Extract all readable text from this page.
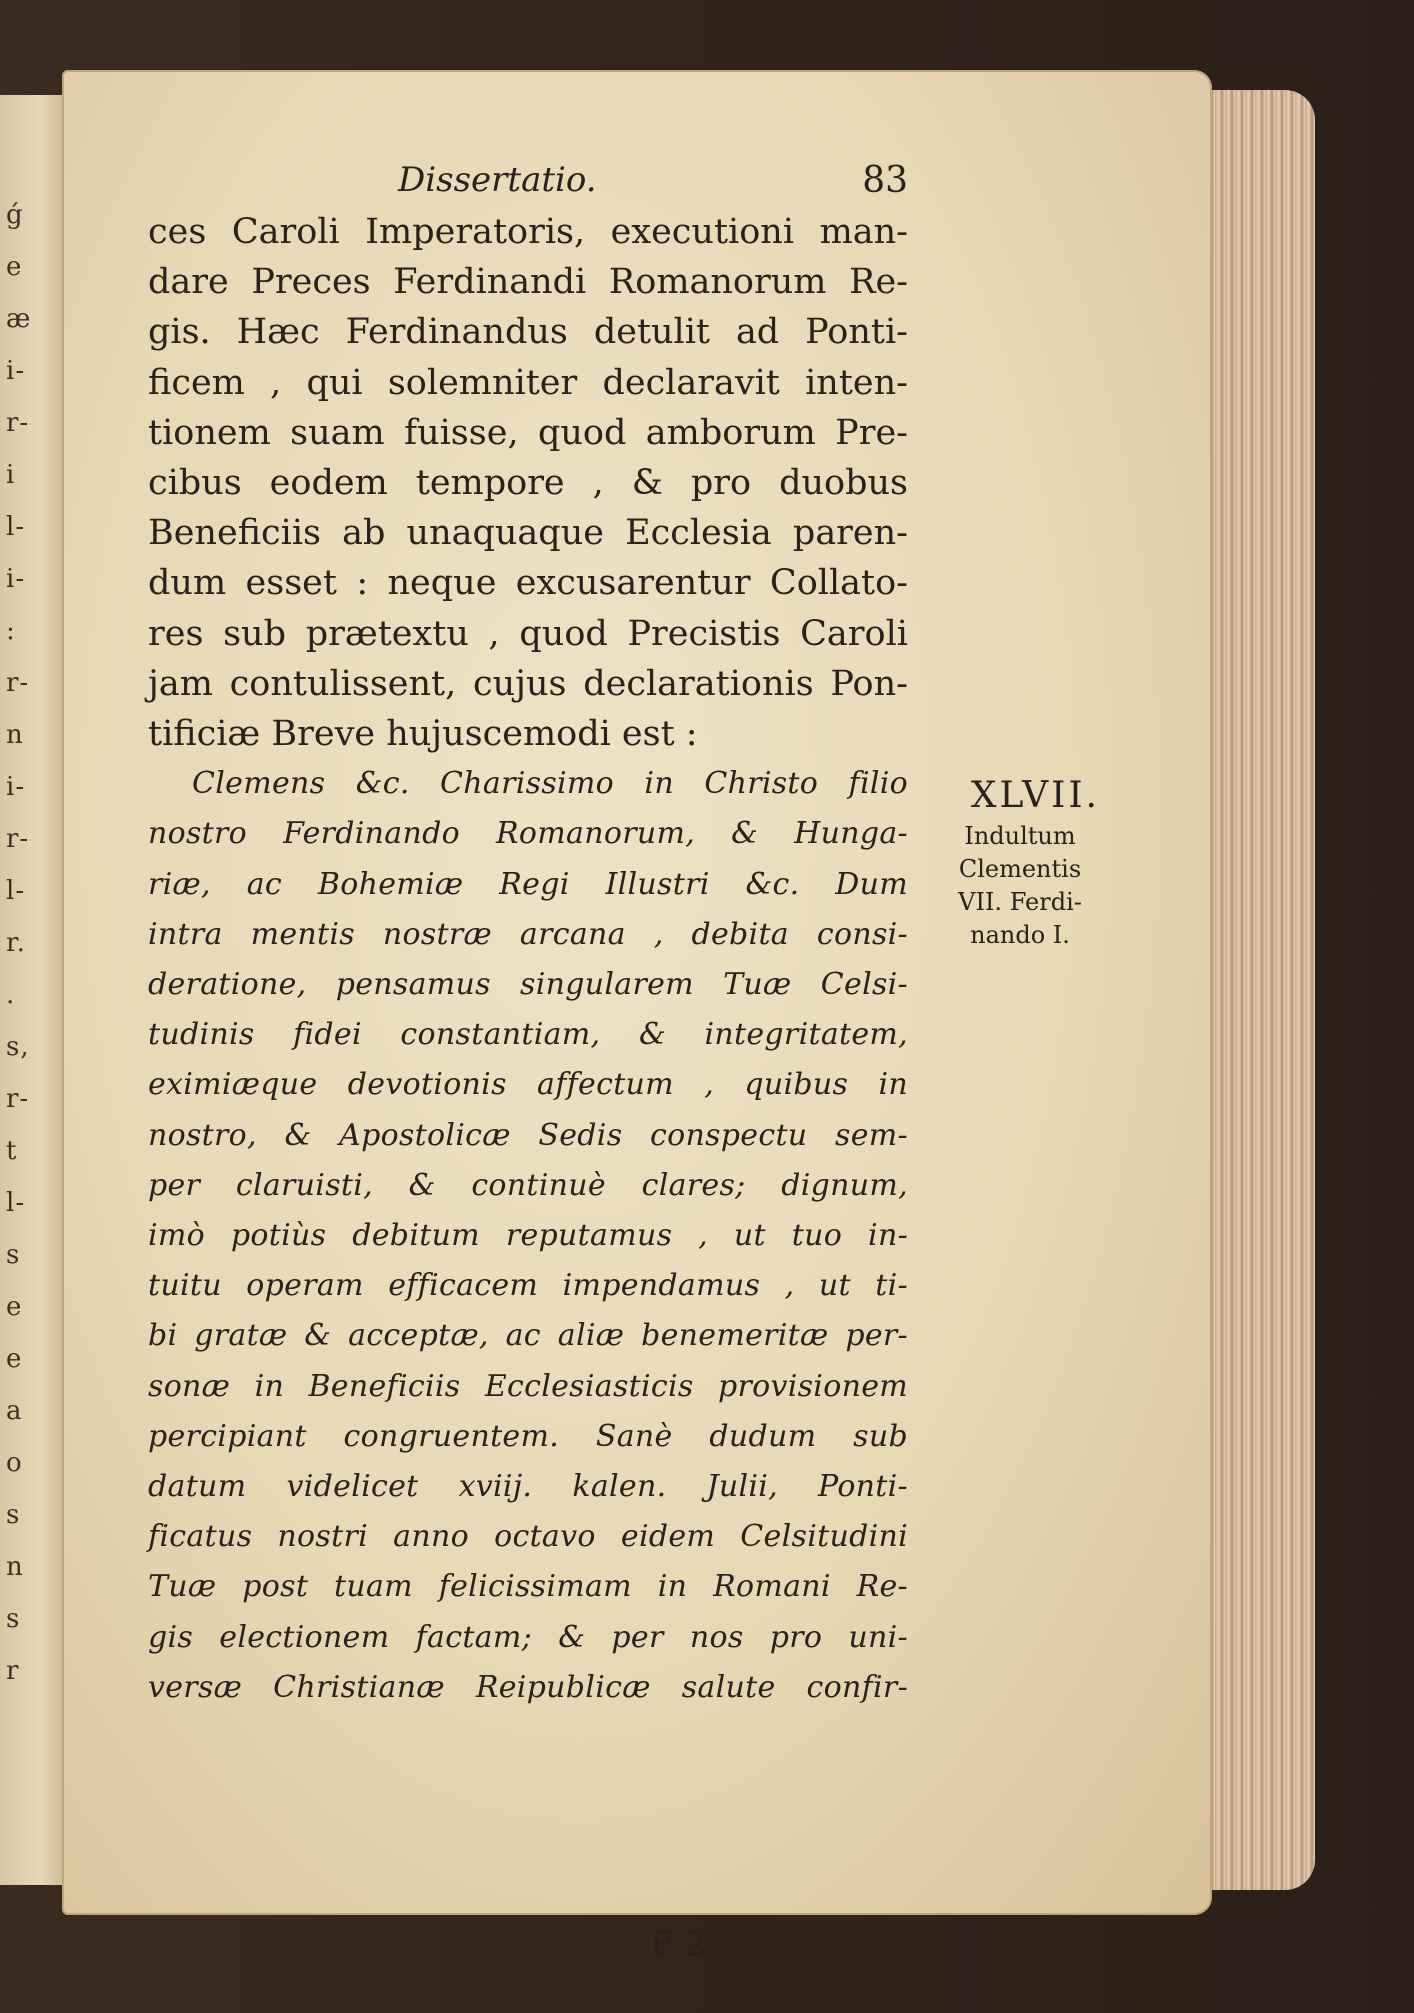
ǵ
e
æ
i-
r-
i
l-
i-
:
r-
n
i-
r-
l-
r.
.
s,
r-
t
l-
s
e
e
a
o
s
n
s
r
Dissertatio.	83
ces Caroli Imperatoris, executioni man-
dare Preces Ferdinandi Romanorum Re-
gis. Hæc Ferdinandus detulit ad Ponti-
ficem , qui solemniter declaravit inten-
tionem suam fuisse, quod amborum Pre-
cibus eodem tempore , & pro duobus
Beneficiis ab unaquaque Ecclesia paren-
dum esset : neque excusarentur Collato-
res sub prætextu , quod Precistis Caroli
jam contulissent, cujus declarationis Pon-
tificiæ Breve hujuscemodi est :
Clemens &c. Charissimo in Christo filio
nostro Ferdinando Romanorum, & Hunga-
riæ, ac Bohemiæ Regi Illustri &c. Dum
intra mentis nostræ arcana , debita consi-
deratione, pensamus singularem Tuæ Celsi-
tudinis fidei constantiam, & integritatem,
eximiæque devotionis affectum , quibus in
nostro, & Apostolicæ Sedis conspectu sem-
per claruisti, & continuè clares; dignum,
imò potiùs debitum reputamus , ut tuo in-
tuitu operam efficacem impendamus , ut ti-
bi gratæ & acceptæ, ac aliæ benemeritæ per-
sonæ in Beneficiis Ecclesiasticis provisionem
percipiant congruentem. Sanè dudum sub
datum videlicet xviij. kalen. Julii, Ponti-
ficatus nostri anno octavo eidem Celsitudini
Tuæ post tuam felicissimam in Romani Re-
gis electionem factam; & per nos pro uni-
versæ Christianæ Reipublicæ salute confir-
XLVII.
Indultum
Clementis
VII. Ferdi-
nando I.
F 2
